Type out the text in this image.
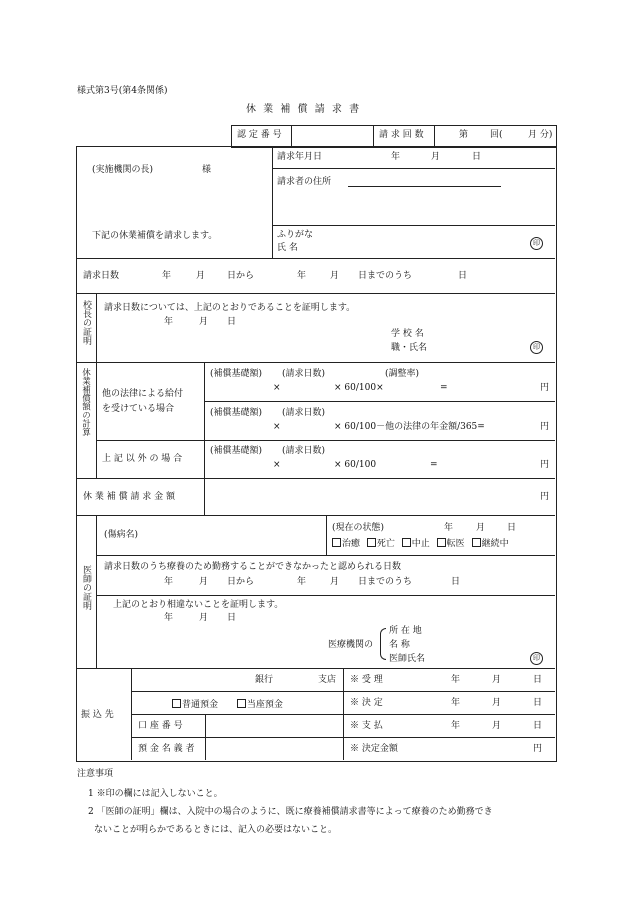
様式第3号(第4条関係)
休 業 補 償 請 求 書
認 定 番 号	請 求 回 数	第 回(	月 分)
(実施機関の長)	様
下記の休業補償を請求します。
請求年月日	年	月	日
請求者の住所
ふりがな
氏 名	印
請求日数	年	月 日から	年	月 日までのうち	日
校長の証明 請求日数については、上記のとおりであることを証明します。
年	月 日
学 校 名
職・氏名	印
休業補償額の計算 他の法律による給付
を受けている場合
(補償基礎額) (請求日数)	(調整率)
×	× 60/100×	=	円
(補償基礎額) (請求日数)
×	× 60/100－他の法律の年金額/365=	円
上 記 以 外 の 場 合
(補償基礎額) (請求日数)
×	× 60/100	=	円
休 業 補 償 請 求 金 額	円
医師の証明
(傷病名)
(現在の状態)	年	月 日
治癒 死亡 中止 転医 継続中
請求日数のうち療養のため勤務することができなかったと認められる日数
年	月 日から	年	月 日までのうち	日
上記のとおり相違ないことを証明します。
年	月 日
医療機関の
所 在 地
名 称
医師氏名	印
振 込 先
銀行	支店
普通預金	当座預金
口 座 番 号
預 金 名 義 者
※ 受 理	年	月	日
※ 決 定	年	月	日
※ 支 払	年	月	日
※ 決定金額	円
注意事項
1 ※印の欄には記入しないこと。
2 「医師の証明」欄は、入院中の場合のように、既に療養補償請求書等によって療養のため勤務でき
ないことが明らかであるときには、記入の必要はないこと。
